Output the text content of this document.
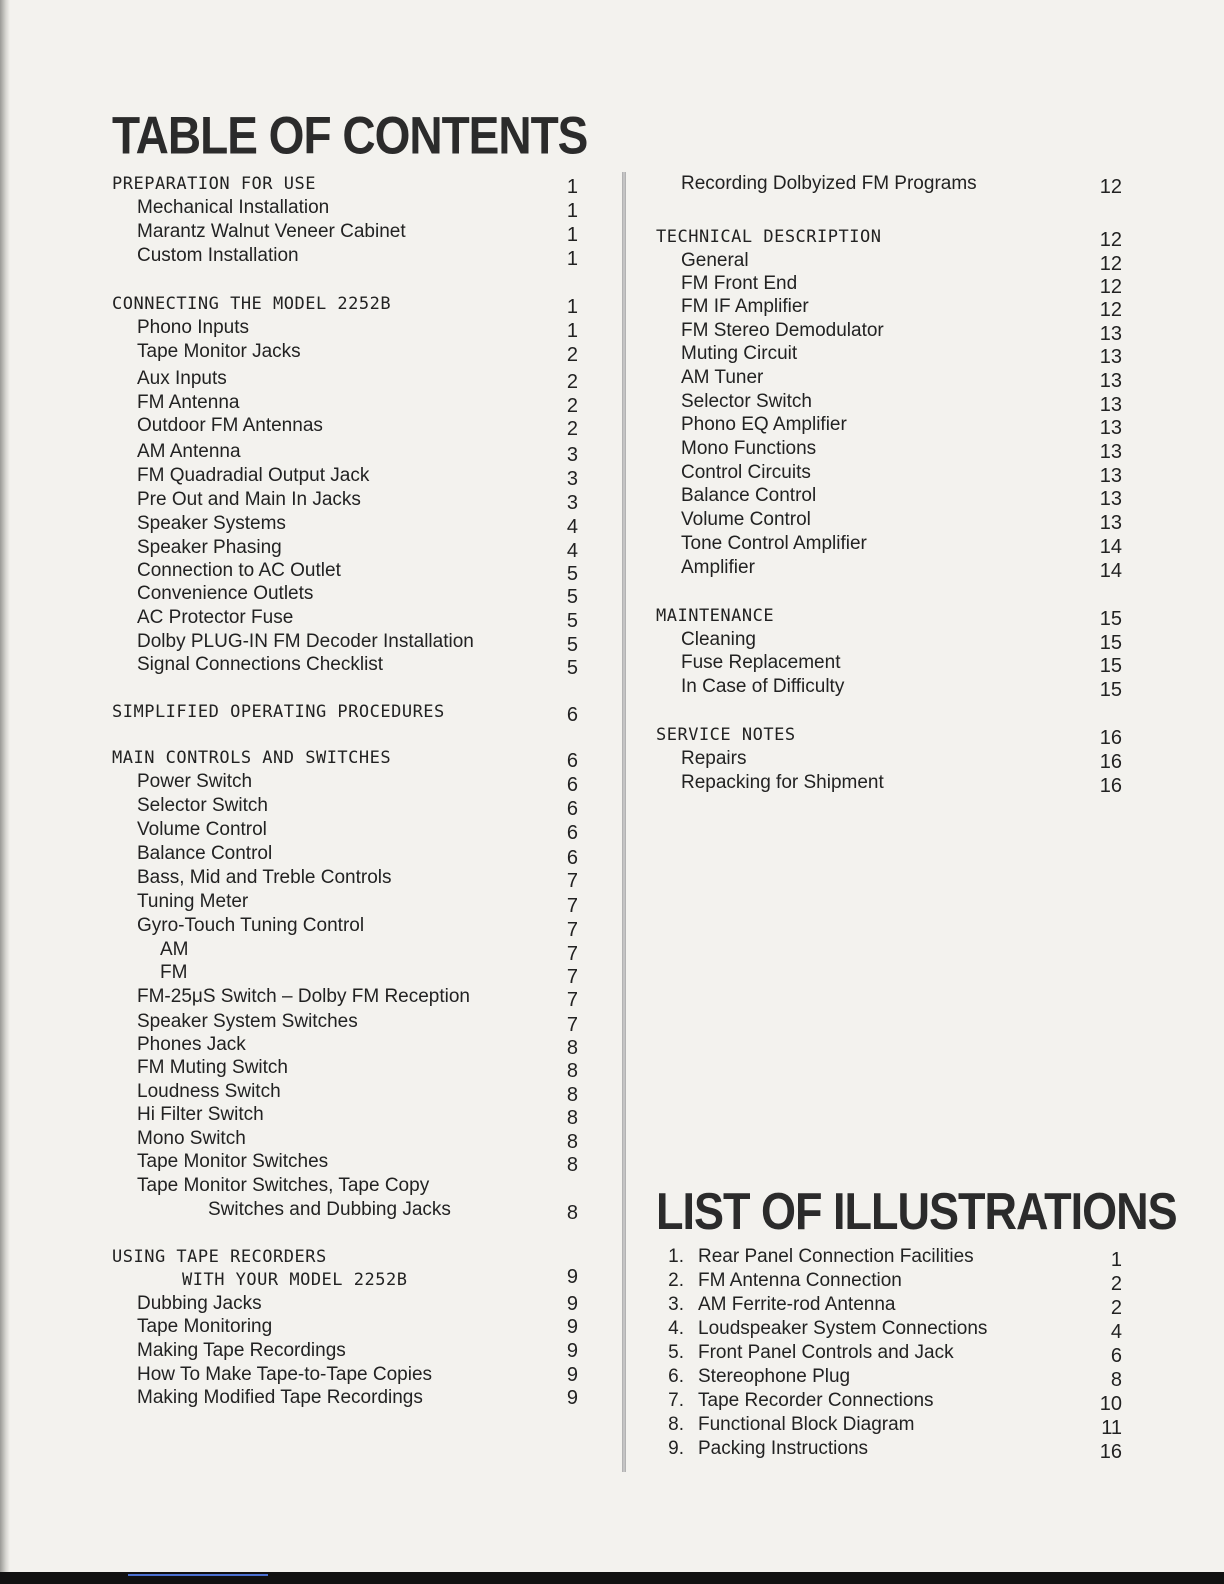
TABLE OF CONTENTS
LIST OF ILLUSTRATIONS
PREPARATION FOR USE	1
Mechanical Installation	1
Marantz Walnut Veneer Cabinet	1
Custom Installation	1
CONNECTING THE MODEL 2252B	1
Phono Inputs	1
Tape Monitor Jacks	2
Aux Inputs	2
FM Antenna	2
Outdoor FM Antennas	2
AM Antenna	3
FM Quadradial Output Jack	3
Pre Out and Main In Jacks	3
Speaker Systems	4
Speaker Phasing	4
Connection to AC Outlet	5
Convenience Outlets	5
AC Protector Fuse	5
Dolby PLUG-IN FM Decoder Installation	5
Signal Connections Checklist	5
SIMPLIFIED OPERATING PROCEDURES	6
MAIN CONTROLS AND SWITCHES	6
Power Switch	6
Selector Switch	6
Volume Control	6
Balance Control	6
Bass, Mid and Treble Controls	7
Tuning Meter	7
Gyro-Touch Tuning Control	7
AM	7
FM	7
FM-25μS Switch – Dolby FM Reception	7
Speaker System Switches	7
Phones Jack	8
FM Muting Switch	8
Loudness Switch	8
Hi Filter Switch	8
Mono Switch	8
Tape Monitor Switches	8
Tape Monitor Switches, Tape Copy
Switches and Dubbing Jacks	8
USING TAPE RECORDERS
WITH YOUR MODEL 2252B	9
Dubbing Jacks	9
Tape Monitoring	9
Making Tape Recordings	9
How To Make Tape-to-Tape Copies	9
Making Modified Tape Recordings	9
Recording Dolbyized FM Programs	12
TECHNICAL DESCRIPTION	12
General	12
FM Front End	12
FM IF Amplifier	12
FM Stereo Demodulator	13
Muting Circuit	13
AM Tuner	13
Selector Switch	13
Phono EQ Amplifier	13
Mono Functions	13
Control Circuits	13
Balance Control	13
Volume Control	13
Tone Control Amplifier	14
Amplifier	14
MAINTENANCE	15
Cleaning	15
Fuse Replacement	15
In Case of Difficulty	15
SERVICE NOTES	16
Repairs	16
Repacking for Shipment	16
1. Rear Panel Connection Facilities	1
2. FM Antenna Connection	2
3. AM Ferrite-rod Antenna	2
4. Loudspeaker System Connections	4
5. Front Panel Controls and Jack	6
6. Stereophone Plug	8
7. Tape Recorder Connections	10
8. Functional Block Diagram	11
9. Packing Instructions	16
